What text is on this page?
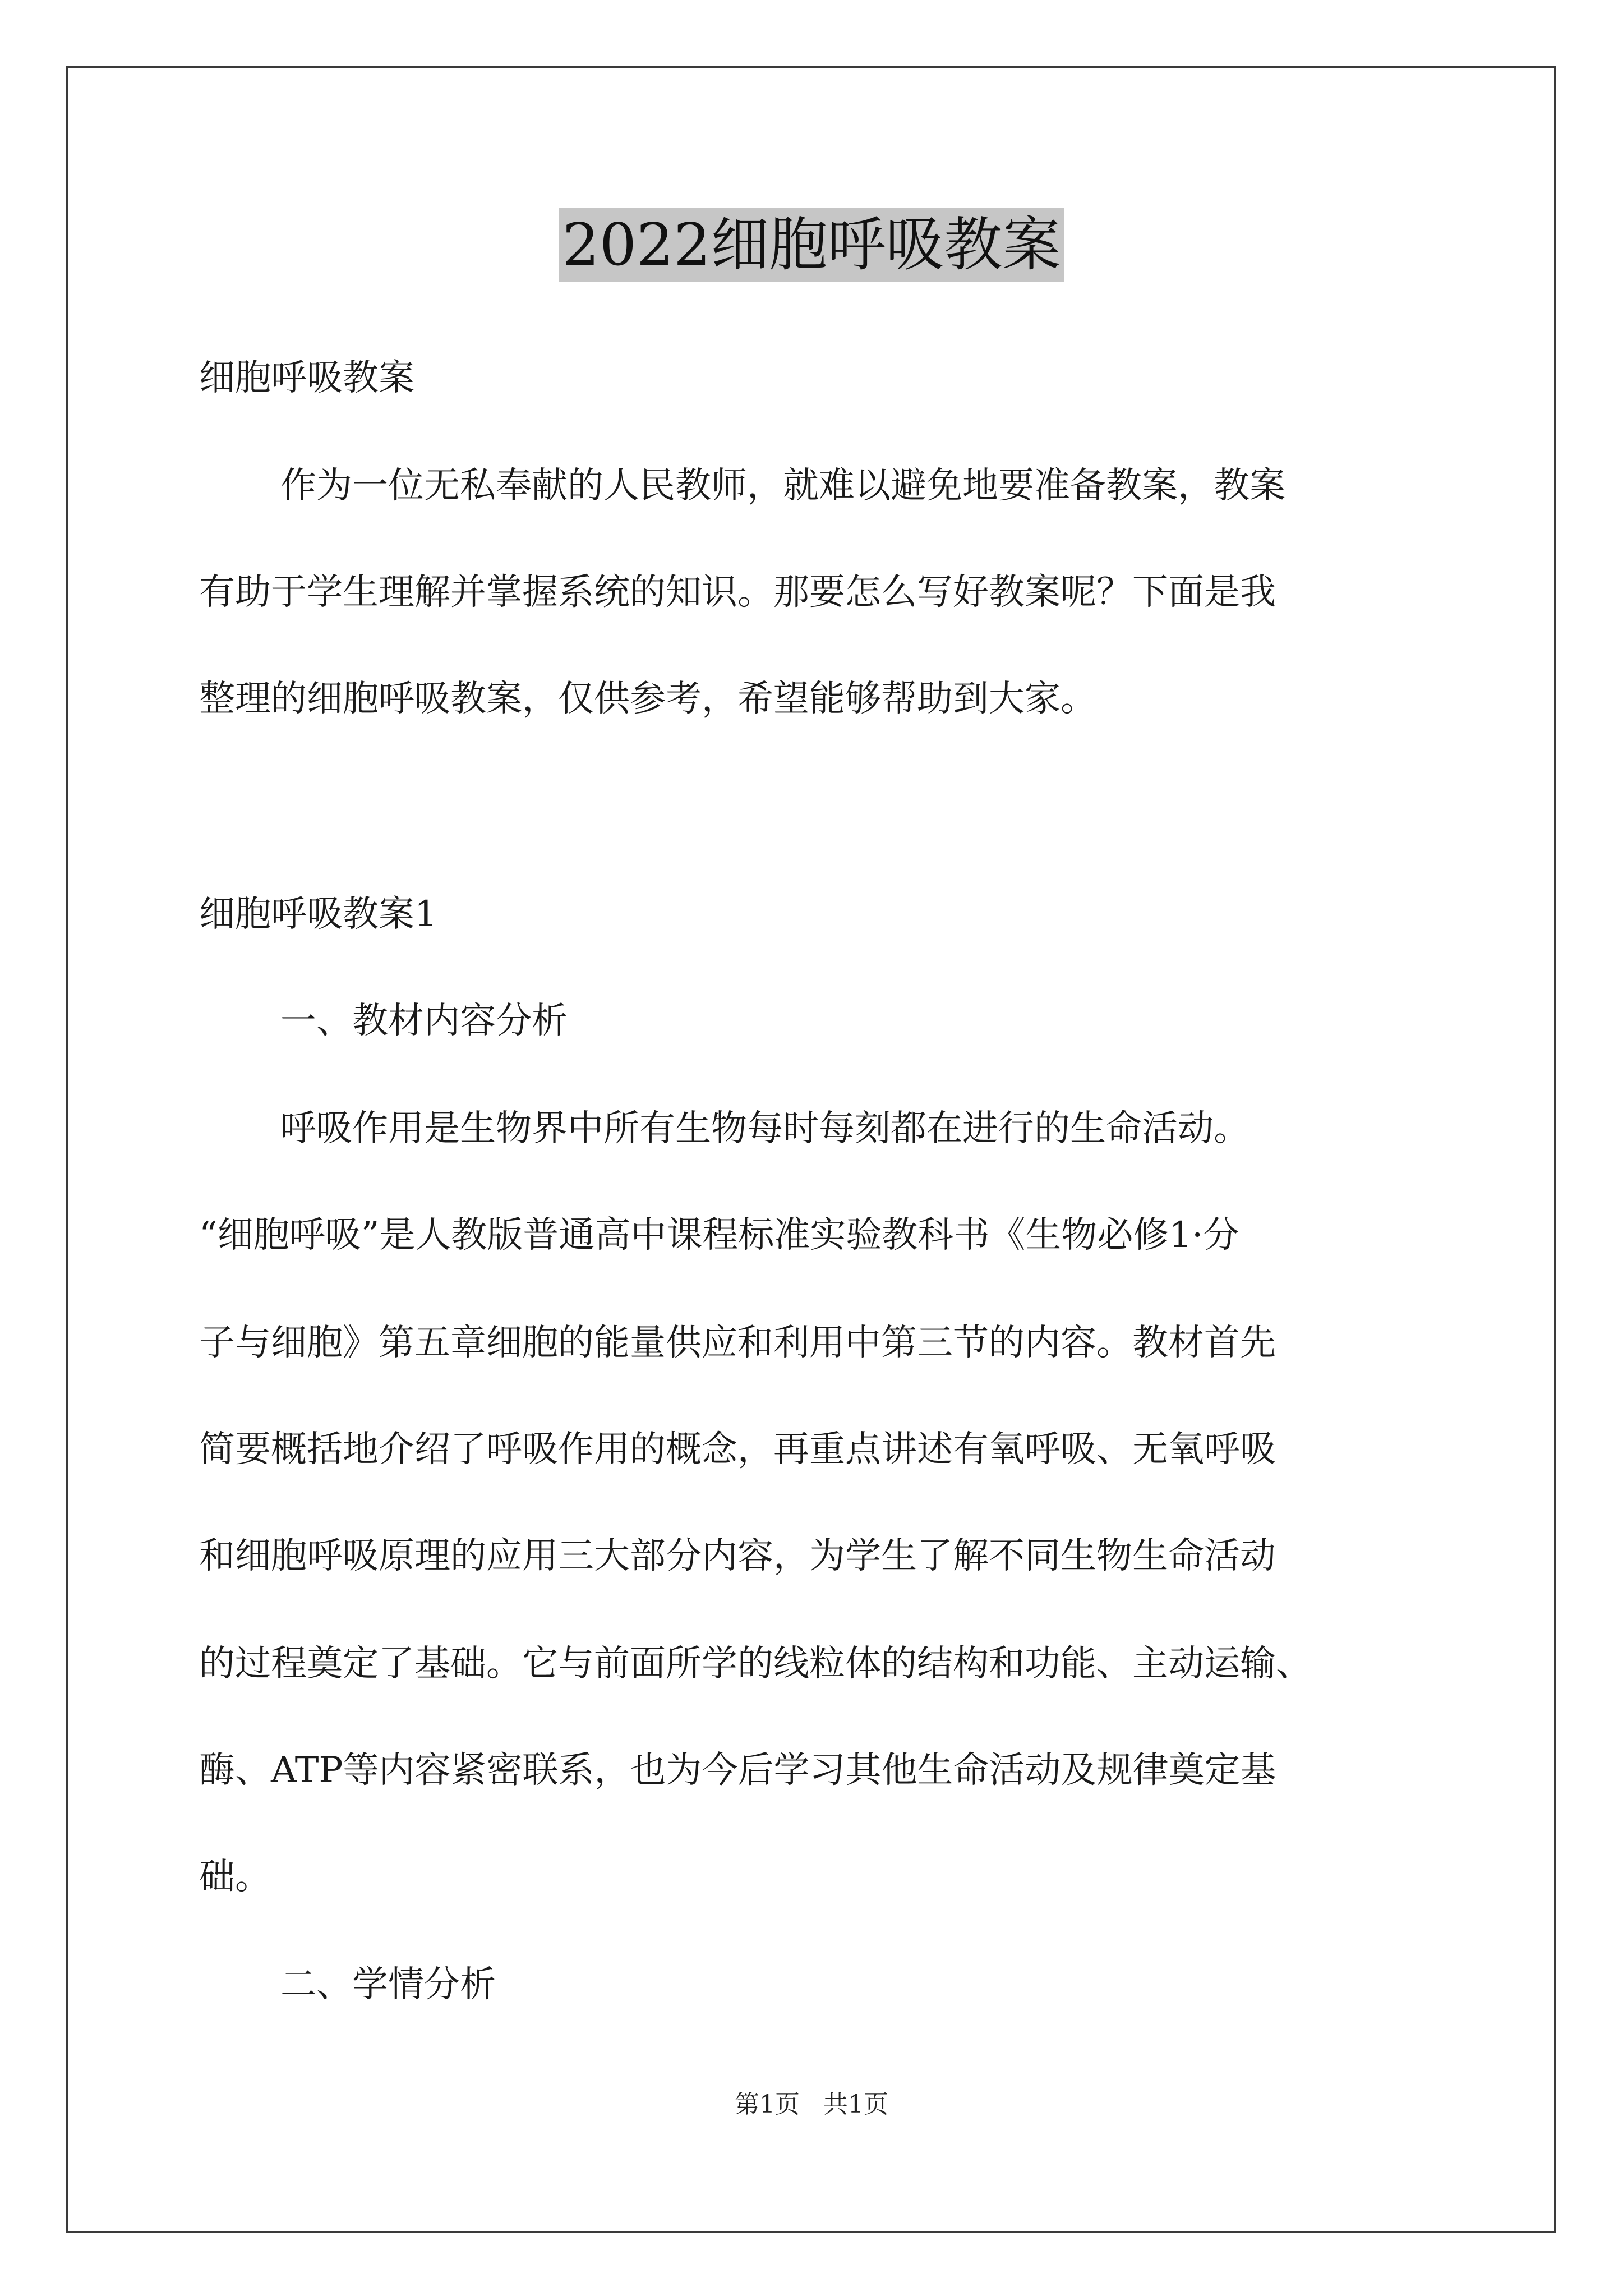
2022细胞呼吸教案
细胞呼吸教案
作为一位无私奉献的人民教师，就难以避免地要准备教案，教案
有助于学生理解并掌握系统的知识。那要怎么写好教案呢？下面是我
整理的细胞呼吸教案，仅供参考，希望能够帮助到大家。
细胞呼吸教案1
一、教材内容分析
呼吸作用是生物界中所有生物每时每刻都在进行的生命活动。
“细胞呼吸”是人教版普通高中课程标准实验教科书《生物必修1·分
子与细胞》第五章细胞的能量供应和利用中第三节的内容。教材首先
简要概括地介绍了呼吸作用的概念，再重点讲述有氧呼吸、无氧呼吸
和细胞呼吸原理的应用三大部分内容，为学生了解不同生物生命活动
的过程奠定了基础。它与前面所学的线粒体的结构和功能、主动运输、
酶、ATP等内容紧密联系，也为今后学习其他生命活动及规律奠定基
础。
二、学情分析
第1页   共1页
